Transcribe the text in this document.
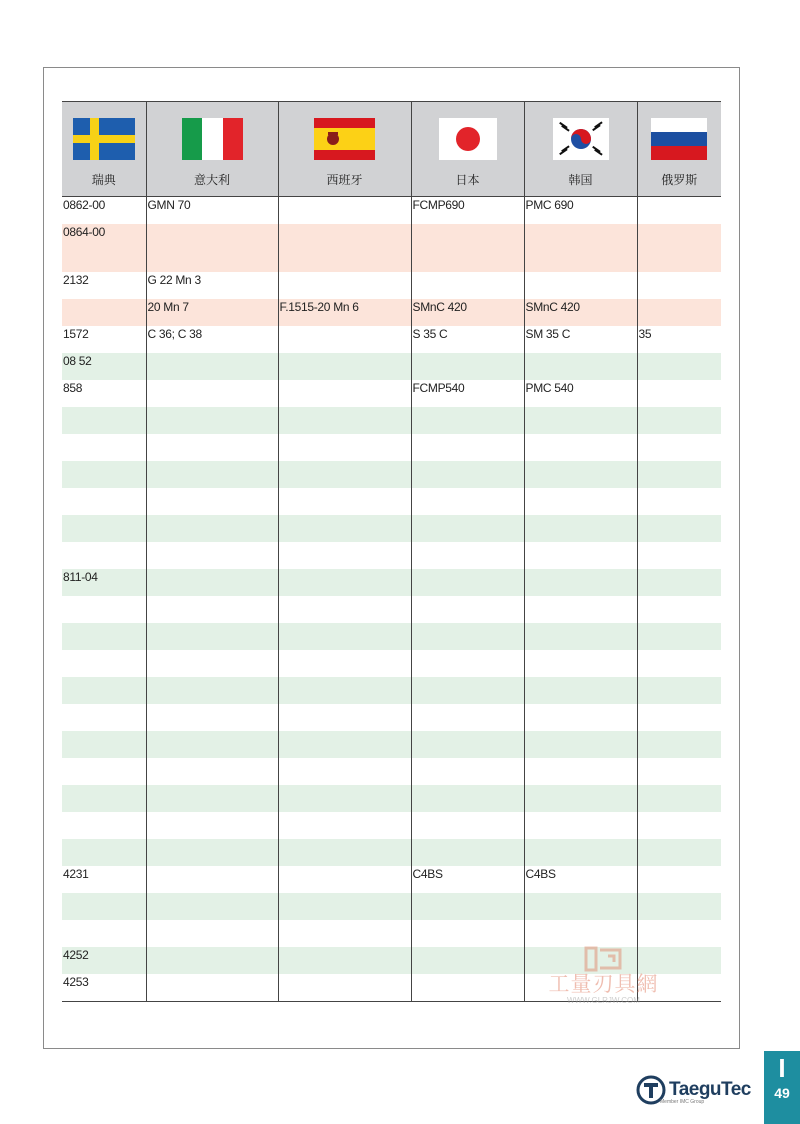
瑞典	意大利	西班牙	日本	韩国	俄罗斯

0862-00	GMN 70		FCMP690	PMC 690	
0864-00					
2132	G 22 Mn 3				
	20 Mn 7	F.1515-20 Mn 6	SMnC 420	SMnC 420	
1572	C 36; C 38		S 35 C	SM 35 C	35
08 52					
858			FCMP540	PMC 540	

811-04					

4231			C4BS	C4BS	

4252					
4253						工量刃具網
WWW.GLRJW.COM
TaeguTec
Member IMC Group
I
49
